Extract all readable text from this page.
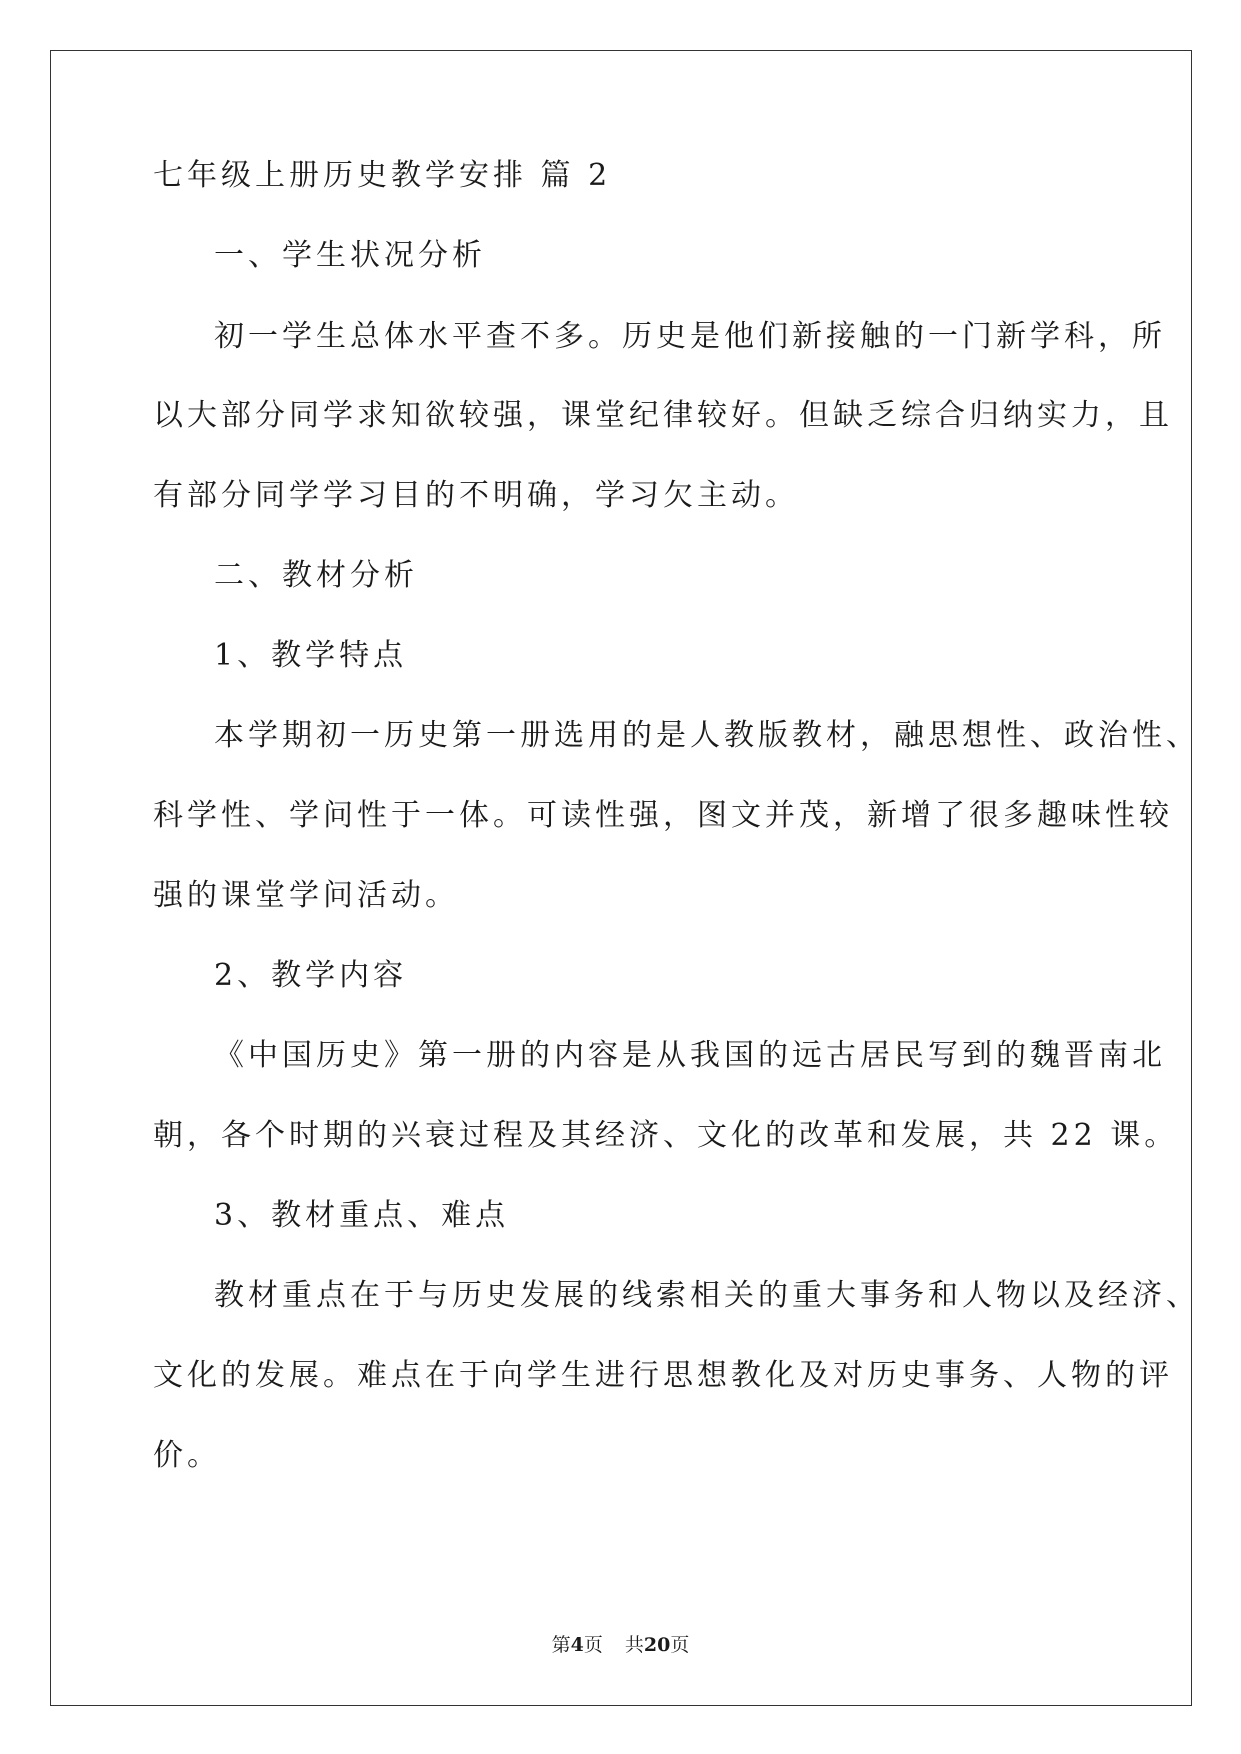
七年级上册历史教学安排 篇 2
一、学生状况分析
初一学生总体水平查不多。历史是他们新接触的一门新学科，所
以大部分同学求知欲较强，课堂纪律较好。但缺乏综合归纳实力，且
有部分同学学习目的不明确，学习欠主动。
二、教材分析
1、教学特点
本学期初一历史第一册选用的是人教版教材，融思想性、政治性、
科学性、学问性于一体。可读性强，图文并茂，新增了很多趣味性较
强的课堂学问活动。
2、教学内容
《中国历史》第一册的内容是从我国的远古居民写到的魏晋南北
朝，各个时期的兴衰过程及其经济、文化的改革和发展，共 22 课。
3、教材重点、难点
教材重点在于与历史发展的线索相关的重大事务和人物以及经济、
文化的发展。难点在于向学生进行思想教化及对历史事务、人物的评
价。
第4页 共20页
